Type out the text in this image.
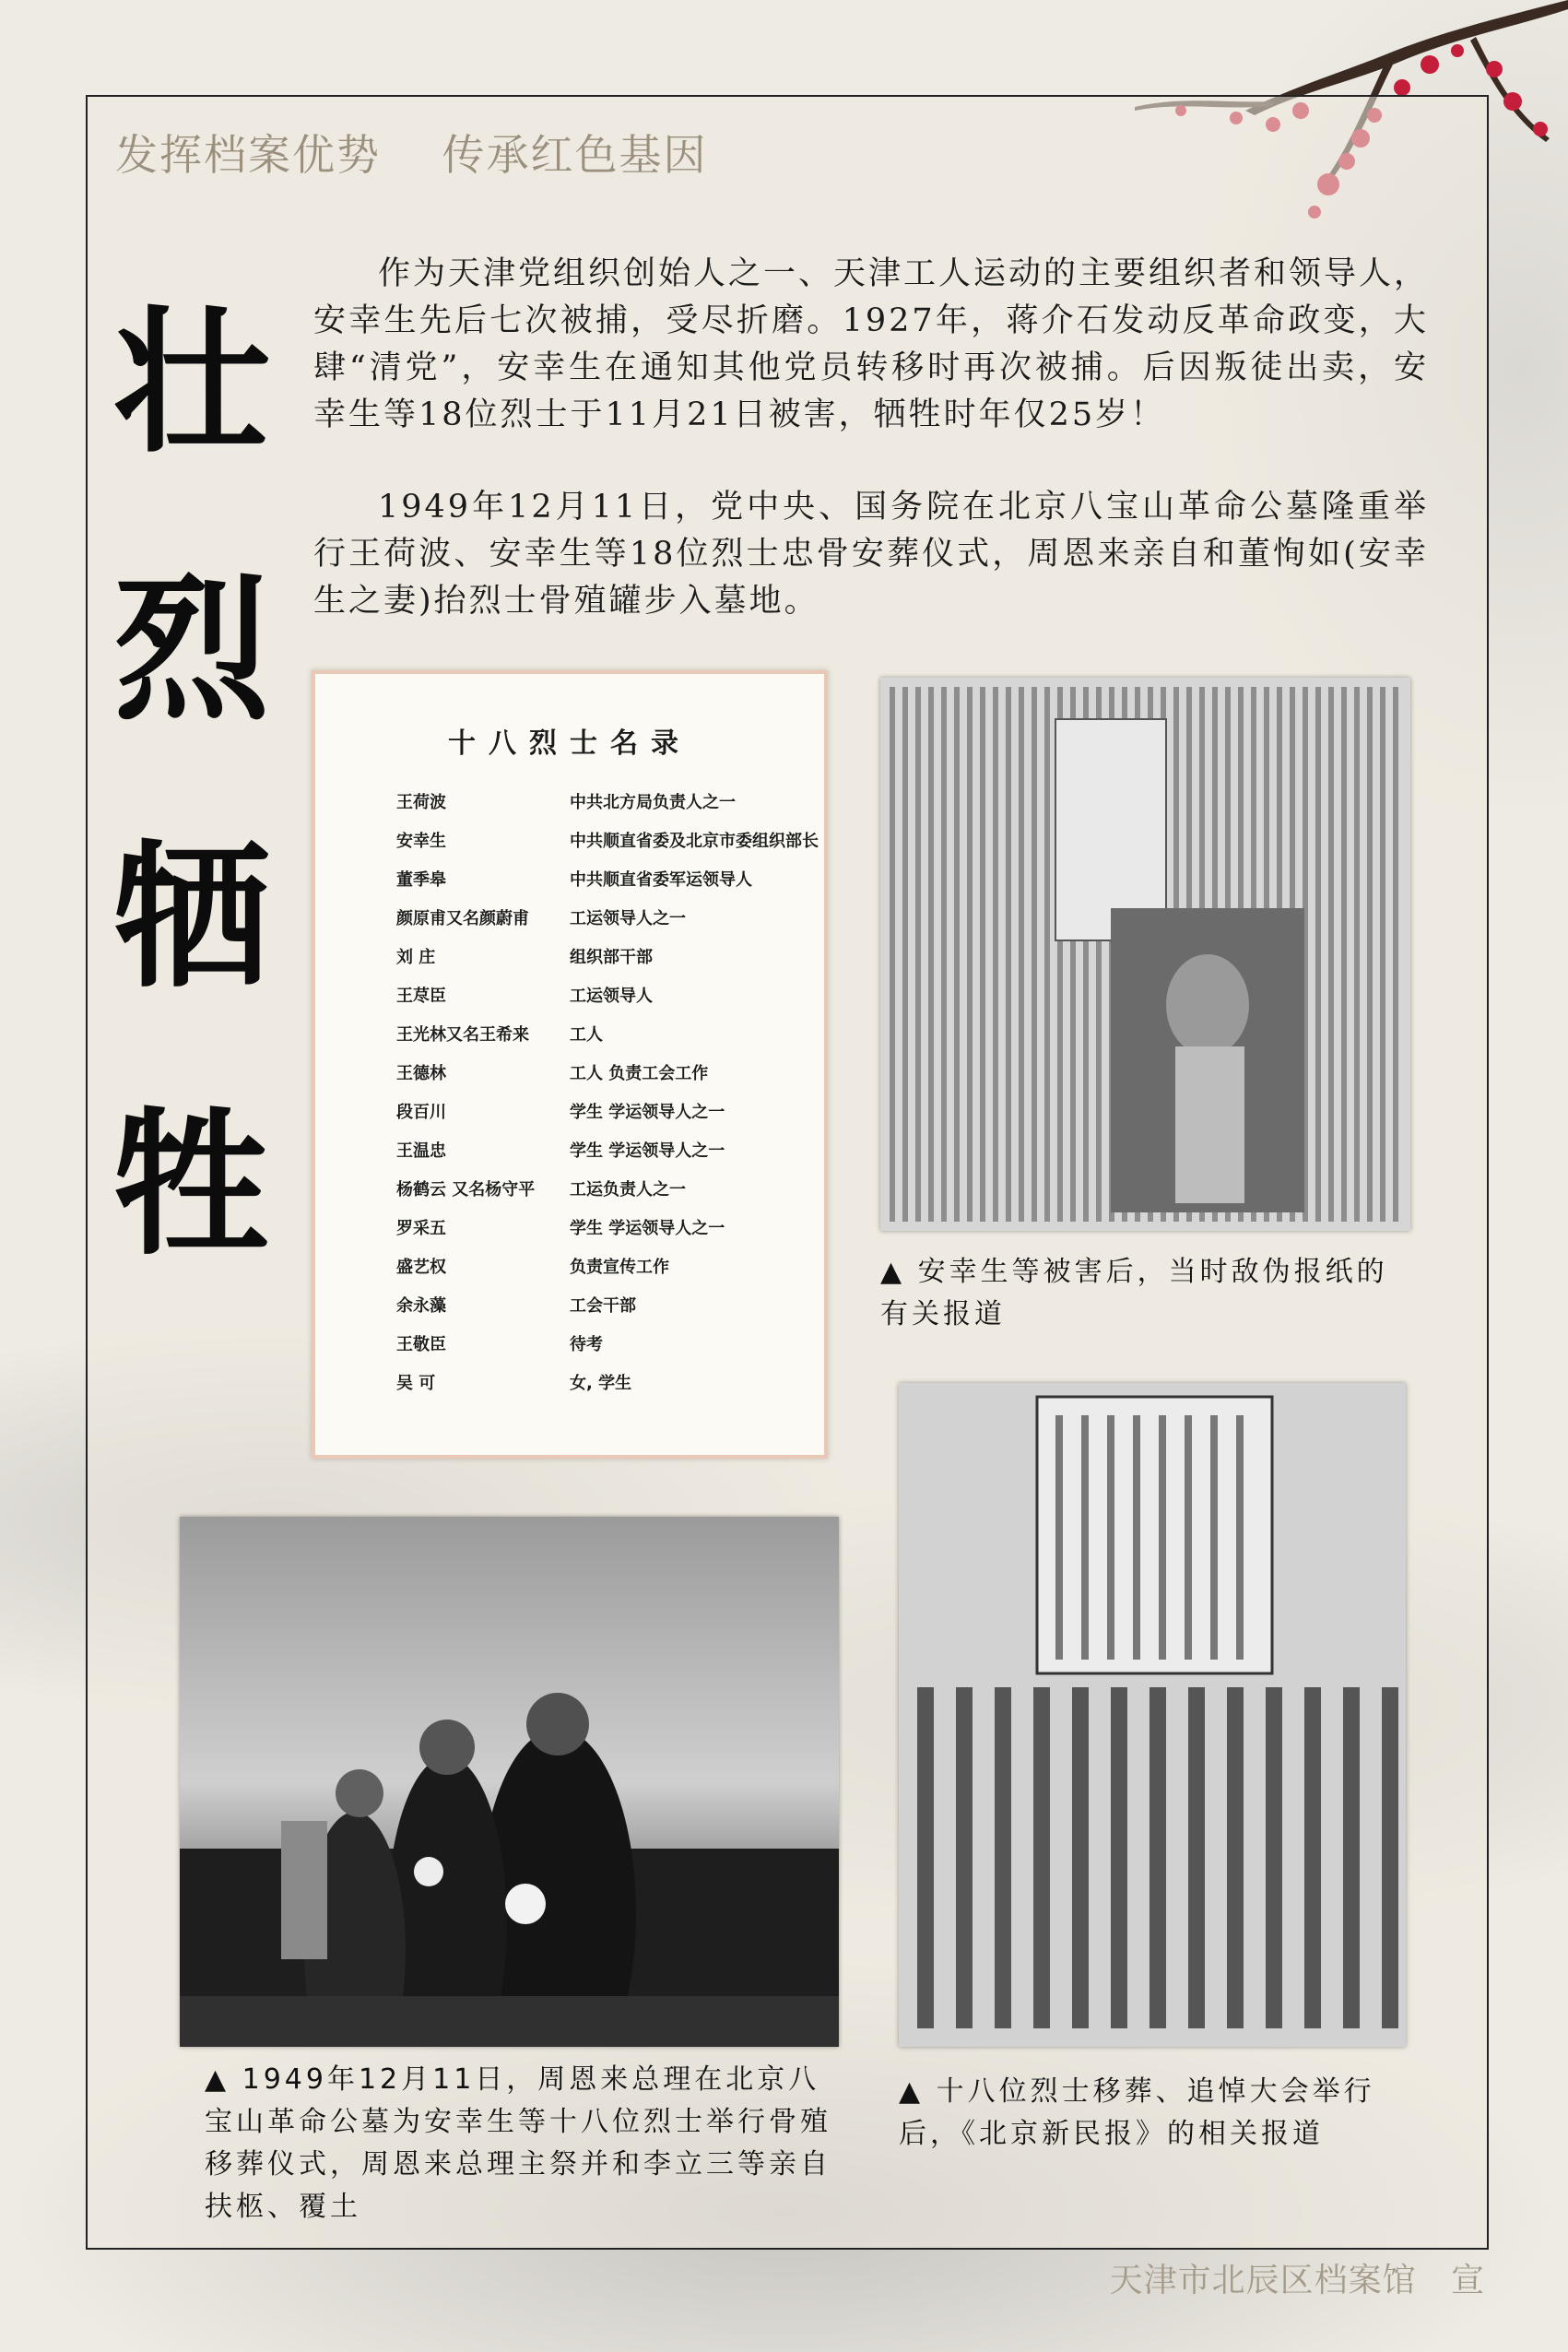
发挥档案优势    传承红色基因
壮
烈
牺
牲

作为天津党组织创始人之一、天津工人运动的主要组织者和领导人，安幸生先后七次被捕，受尽折磨。1927年，蒋介石发动反革命政变，大肆“清党”，安幸生在通知其他党员转移时再次被捕。后因叛徒出卖，安幸生等18位烈士于11月21日被害，牺牲时年仅25岁！

1949年12月11日，党中央、国务院在北京八宝山革命公墓隆重举行王荷波、安幸生等18位烈士忠骨安葬仪式，周恩来亲自和董恂如(安幸生之妻)抬烈士骨殖罐步入墓地。

十八烈士名录
王荷波	中共北方局负责人之一
安幸生	中共顺直省委及北京市委组织部长
董季皋	中共顺直省委军运领导人
颜原甫又名颜蔚甫	工运领导人之一
刘 庄	组织部干部
王荩臣	工运领导人
王光林又名王希来	工人
王德林	工人 负责工会工作
段百川	学生 学运领导人之一
王温忠	学生 学运领导人之一
杨鹤云 又名杨守平	工运负责人之一
罗采五	学生 学运领导人之一
盛艺权	负责宣传工作
余永藻	工会干部
王敬臣	待考
吴 可	女, 学生
▲ 安幸生等被害后，当时敌伪报纸的有关报道
▲ 十八位烈士移葬、追悼大会举行后，《北京新民报》的相关报道
▲ 1949年12月11日，周恩来总理在北京八宝山革命公墓为安幸生等十八位烈士举行骨殖移葬仪式，周恩来总理主祭并和李立三等亲自扶柩、覆土
天津市北辰区档案馆   宣
